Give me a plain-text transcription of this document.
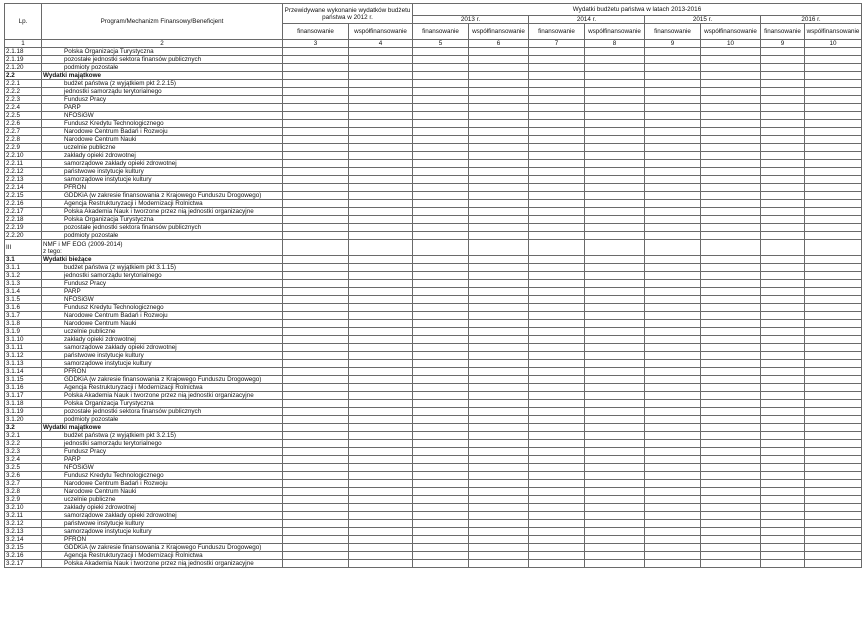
Lp.	Program/Mechanizm Finansowy/Beneficjent	Przewidywane wykonanie wydatków budżetu państwa w 2012 r.		Wydatki budżetu państwa w latach 2013-2016							
				2013 r.		2014 r.		2015 r.		2016 r.	
		finansowanie	współfinansowanie	finansowanie	współfinansowanie	finansowanie	współfinansowanie	finansowanie	współfinansowanie	finansowanie	współfinansowanie
1	2	3	4	5	6	7	8	9	10	9	10
2.1.18	Polska Organizacja Turystyczna										
2.1.19	pozostałe jednostki sektora finansów publicznych										
2.1.20	podmioty pozostałe										
2.2	Wydatki majątkowe										
2.2.1	budżet państwa (z wyjątkiem pkt 2.2.15)										
2.2.2	jednostki samorządu terytorialnego										
2.2.3	Fundusz Pracy										
2.2.4	PARP										
2.2.5	NFOŚiGW										
2.2.6	Fundusz Kredytu Technologicznego										
2.2.7	Narodowe Centrum Badań i Rozwoju										
2.2.8	Narodowe Centrum Nauki										
2.2.9	uczelnie publiczne										
2.2.10	zakłady opieki zdrowotnej										
2.2.11	samorządowe zakłady opieki zdrowotnej										
2.2.12	państwowe instytucje kultury										
2.2.13	samorządowe instytucje kultury										
2.2.14	PFRON										
2.2.15	GDDKiA (w zakresie finansowania z Krajowego Funduszu Drogowego)										
2.2.16	Agencja Restrukturyzacji i Modernizacji Rolnictwa										
2.2.17	Polska Akademia Nauk i tworzone przez nią jednostki organizacyjne										
2.2.18	Polska Organizacja Turystyczna										
2.2.19	pozostałe jednostki sektora finansów publicznych										
2.2.20	podmioty pozostałe										
III	NMF i MF EOG (2009-2014)
z tego:										

3.1	Wydatki bieżące										
3.1.1	budżet państwa (z wyjątkiem pkt 3.1.15)										
3.1.2	jednostki samorządu terytorialnego										
3.1.3	Fundusz Pracy										
3.1.4	PARP										
3.1.5	NFOŚiGW										
3.1.6	Fundusz Kredytu Technologicznego										
3.1.7	Narodowe Centrum Badań i Rozwoju										
3.1.8	Narodowe Centrum Nauki										
3.1.9	uczelnie publiczne										
3.1.10	zakłady opieki zdrowotnej										
3.1.11	samorządowe zakłady opieki zdrowotnej										
3.1.12	państwowe instytucje kultury										
3.1.13	samorządowe instytucje kultury										
3.1.14	PFRON										
3.1.15	GDDKiA (w zakresie finansowania z Krajowego Funduszu Drogowego)										
3.1.16	Agencja Restrukturyzacji i Modernizacji Rolnictwa										
3.1.17	Polska Akademia Nauk i tworzone przez nią jednostki organizacyjne										
3.1.18	Polska Organizacja Turystyczna										
3.1.19	pozostałe jednostki sektora finansów publicznych										
3.1.20	podmioty pozostałe										
3.2	Wydatki majątkowe										
3.2.1	budżet państwa (z wyjątkiem pkt 3.2.15)										
3.2.2	jednostki samorządu terytorialnego										
3.2.3	Fundusz Pracy										
3.2.4	PARP										
3.2.5	NFOŚiGW										
3.2.6	Fundusz Kredytu Technologicznego										
3.2.7	Narodowe Centrum Badań i Rozwoju										
3.2.8	Narodowe Centrum Nauki										
3.2.9	uczelnie publiczne										
3.2.10	zakłady opieki zdrowotnej										
3.2.11	samorządowe zakłady opieki zdrowotnej										
3.2.12	państwowe instytucje kultury										
3.2.13	samorządowe instytucje kultury										
3.2.14	PFRON										
3.2.15	GDDKiA (w zakresie finansowania z Krajowego Funduszu Drogowego)										
3.2.16	Agencja Restrukturyzacji i Modernizacji Rolnictwa										
3.2.17	Polska Akademia Nauk i tworzone przez nią jednostki organizacyjne										
